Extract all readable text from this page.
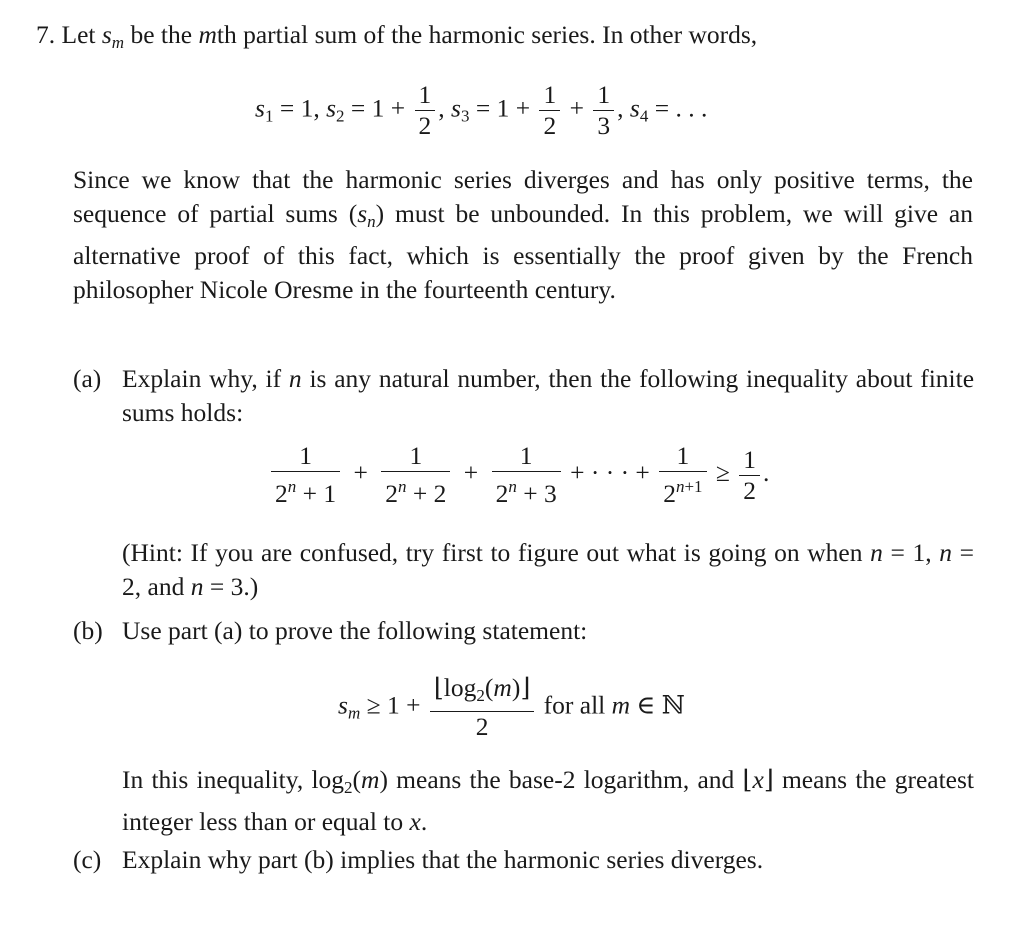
7. Let $s_m$ be the mth partial sum of the harmonic series. In other words,
$s_1 = 1$, $s_2 = 1 + \frac{1}{2}$ , $s_3 = 1 + \frac{1}{2} + \frac{1}{3}$ , $s_4$ = . . .
Since we know that the harmonic series diverges and has only positive terms, the sequence of partial sums $(s_n)$ must be unbounded. In this problem, we will give an alternative proof of this fact, which is essentially the proof given by the French philosopher Nicole Oresme in the fourteenth century.
(a) Explain why, if n is any natural number, then the following inequality about finite sums holds:
$\frac{1}{2^n + 1} + \frac{1}{2^n + 2} + \frac{1}{2^n + 3}$ + · · · + $\frac{1}{2^{n+1}} \ge \frac{1}{2}$ .
(Hint: If you are confused, try first to figure out what is going on when n = 1, n = 2, and n = 3.)
(b) Use part (a) to prove the following statement:
$s_m \ge 1 + \frac{⌊\log_2(m)⌋}{2}$ for all m ∈ ℕ
In this inequality, $\log_2(m)$ means the base-2 logarithm, and ⌊x⌋ means the greatest integer less than or equal to x.
(c) Explain why part (b) implies that the harmonic series diverges.
